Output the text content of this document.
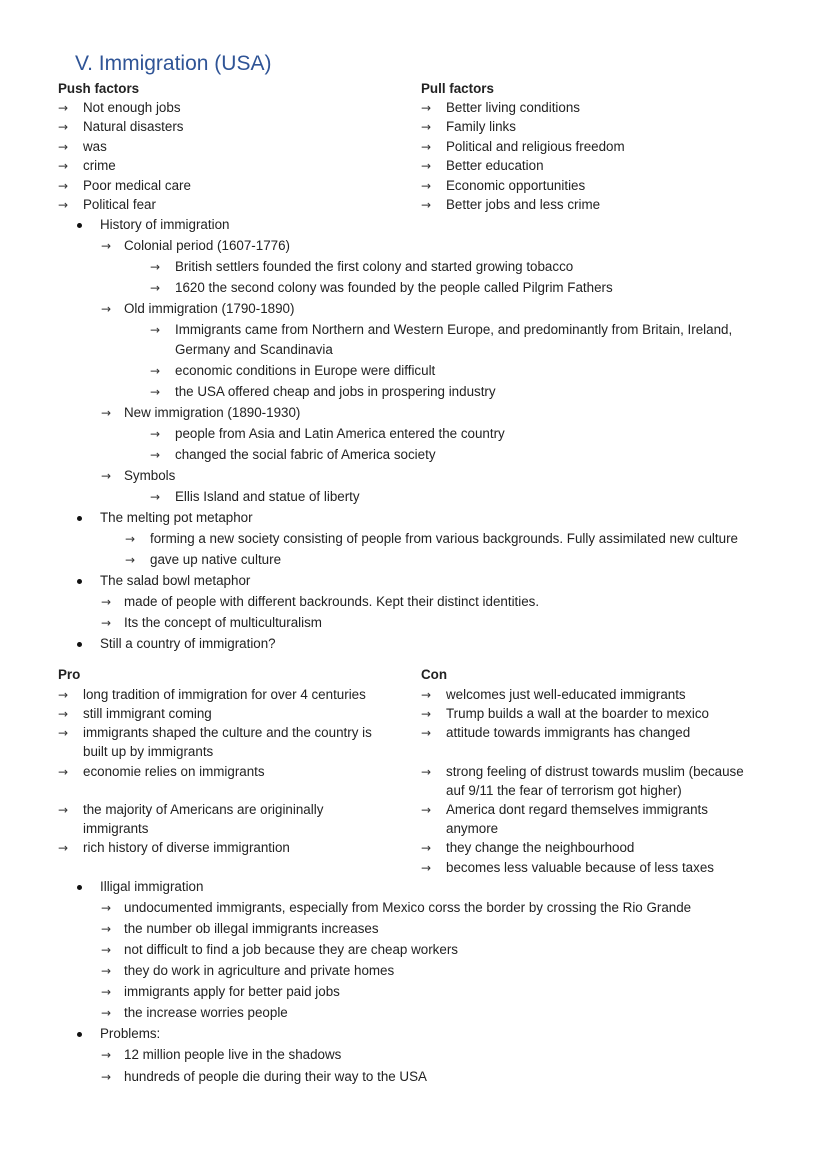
V. Immigration (USA)
Push factors
→ Not enough jobs
→ Natural disasters
→ was
→ crime
→ Poor medical care
→ Political fear
Pull factors
→ Better living conditions
→ Family links
→ Political and religious freedom
→ Better education
→ Economic opportunities
→ Better jobs and less crime
History of immigration
→ Colonial period (1607-1776)
→ British settlers founded the first colony and started growing tobacco
→ 1620 the second colony was founded by the people called Pilgrim Fathers
→ Old immigration (1790-1890)
→ Immigrants came from Northern and Western Europe, and predominantly from Britain, Ireland,
Germany and Scandinavia
→ economic conditions in Europe were difficult
→ the USA offered cheap and jobs in prospering industry
→ New immigration (1890-1930)
→ people from Asia and Latin America entered the country
→ changed the social fabric of America society
→ Symbols
→ Ellis Island and statue of liberty
The melting pot metaphor
→ forming a new society consisting of people from various backgrounds. Fully assimilated new culture
→ gave up native culture
The salad bowl metaphor
→ made of people with different backrounds. Kept their distinct identities.
→ Its the concept of multiculturalism
Still a country of immigration?
Pro
→ long tradition of immigration for over 4 centuries
→ still immigrant coming
→ immigrants shaped the culture and the country is
built up by immigrants
→ economie relies on immigrants
→ the majority of Americans are origininally
immigrants
→ rich history of diverse immigrantion
Con
→ welcomes just well-educated immigrants
→ Trump builds a wall at the boarder to mexico
→ attitude towards immigrants has changed
→ strong feeling of distrust towards muslim (because
auf 9/11 the fear of terrorism got higher)
→ America dont regard themselves immigrants
anymore
→ they change the neighbourhood
→ becomes less valuable because of less taxes
Illigal immigration
→ undocumented immigrants, especially from Mexico corss the border by crossing the Rio Grande
→ the number ob illegal immigrants increases
→ not difficult to find a job because they are cheap workers
→ they do work in agriculture and private homes
→ immigrants apply for better paid jobs
→ the increase worries people
Problems:
→ 12 million people live in the shadows
→ hundreds of people die during their way to the USA
